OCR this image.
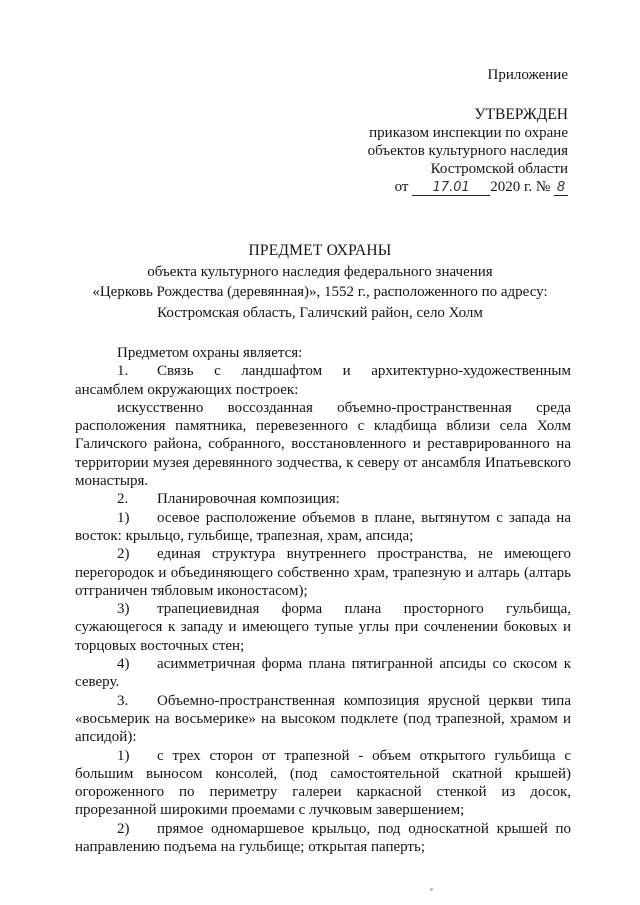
Приложение
УТВЕРЖДЕН
приказом инспекции по охране
объектов культурного наследия
Костромской области
от 17.01 2020 г. № 8
ПРЕДМЕТ ОХРАНЫ
объекта культурного наследия федерального значения
«Церковь Рождества (деревянная)», 1552 г., расположенного по адресу:
Костромская область, Галичский район, село Холм

Предметом охраны является:

1. Связь с ландшафтом и архитектурно-художественным ансамблем окружающих построек:

искусственно воссозданная объемно-пространственная среда расположения памятника, перевезенного с кладбища вблизи села Холм Галичского района, собранного, восстановленного и реставрированного на территории музея деревянного зодчества, к северу от ансамбля Ипатьевского монастыря.

2. Планировочная композиция:

1) осевое расположение объемов в плане, вытянутом с запада на восток: крыльцо, гульбище, трапезная, храм, апсида;

2) единая структура внутреннего пространства, не имеющего перегородок и объединяющего собственно храм, трапезную и алтарь (алтарь отграничен тябловым иконостасом);

3) трапециевидная форма плана просторного гульбища, сужающегося к западу и имеющего тупые углы при сочленении боковых и торцовых восточных стен;

4) асимметричная форма плана пятигранной апсиды со скосом к северу.

3. Объемно-пространственная композиция ярусной церкви типа «восьмерик на восьмерике» на высоком подклете (под трапезной, храмом и апсидой):

1) с трех сторон от трапезной - объем открытого гульбища с большим выносом консолей, (под самостоятельной скатной крышей) огороженного по периметру галереи каркасной стенкой из досок, прорезанной широкими проемами с лучковым завершением;

2) прямое одномаршевое крыльцо, под односкатной крышей по направлению подъема на гульбище; открытая паперть;
